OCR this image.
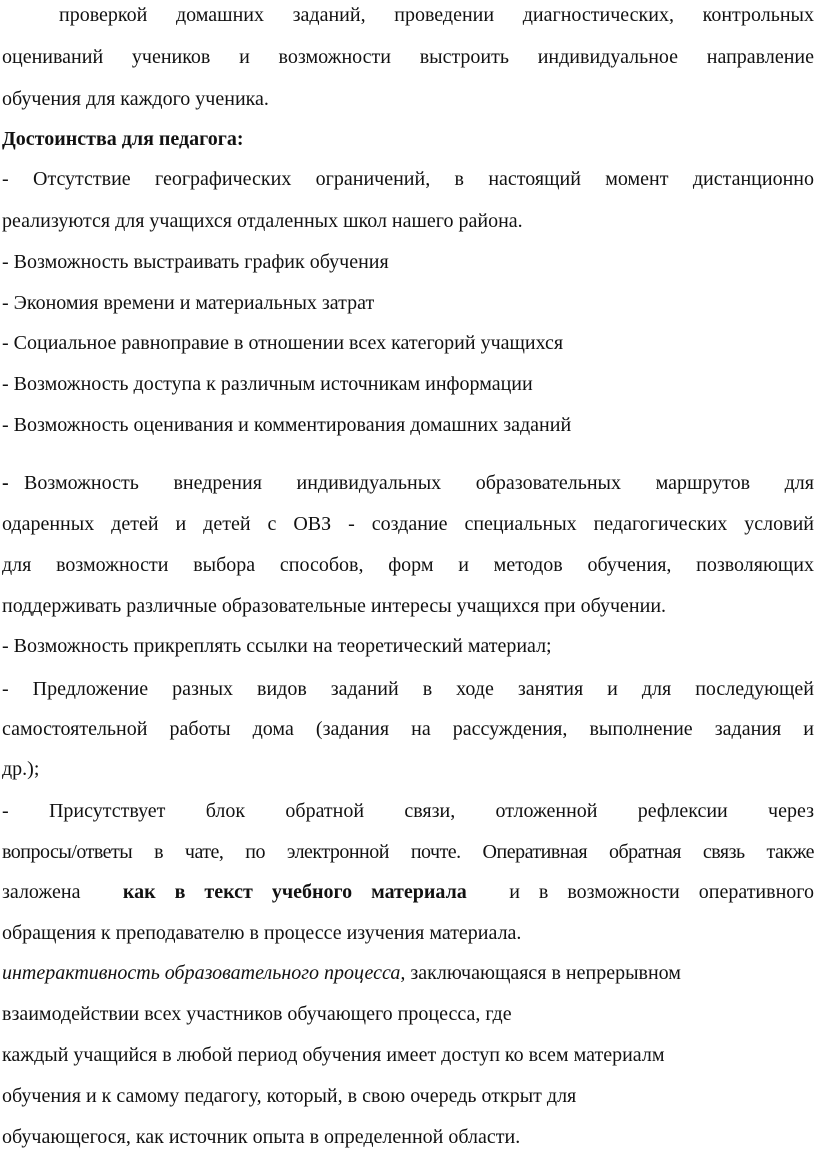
проверкой домашних заданий, проведении диагностических, контрольных
оцениваний учеников и возможности выстроить индивидуальное направление
обучения для каждого ученика.
Достоинства для педагога:
- Отсутствие географических ограничений, в настоящий момент дистанционно
реализуются для учащихся отдаленных школ нашего района.
- Возможность выстраивать график обучения
- Экономия времени и материальных затрат
- Социальное равноправие в отношении всех категорий учащихся
- Возможность доступа к различным источникам информации
- Возможность оценивания и комментирования домашних заданий
- Возможность внедрения индивидуальных образовательных маршрутов для
одаренных детей и детей с ОВЗ - создание специальных педагогических условий
для возможности выбора способов, форм и методов обучения, позволяющих
поддерживать различные образовательные интересы учащихся при обучении.
- Возможность прикреплять ссылки на теоретический материал;
- Предложение разных видов заданий в ходе занятия и для последующей
самостоятельной работы дома (задания на рассуждения, выполнение задания и
др.);
- Присутствует блок обратной связи, отложенной рефлексии через
вопросы/ответы в чате, по электронной почте. Оперативная обратная связь также
заложена как в текст учебного материала и в возможности оперативного
обращения к преподавателю в процессе изучения материала.
интерактивность образовательного процесса, заключающаяся в непрерывном
взаимодействии всех участников обучающего процесса, где
каждый учащийся в любой период обучения имеет доступ ко всем материалм
обучения и к самому педагогу, который, в свою очередь открыт для
обучающегося, как источник опыта в определенной области.
